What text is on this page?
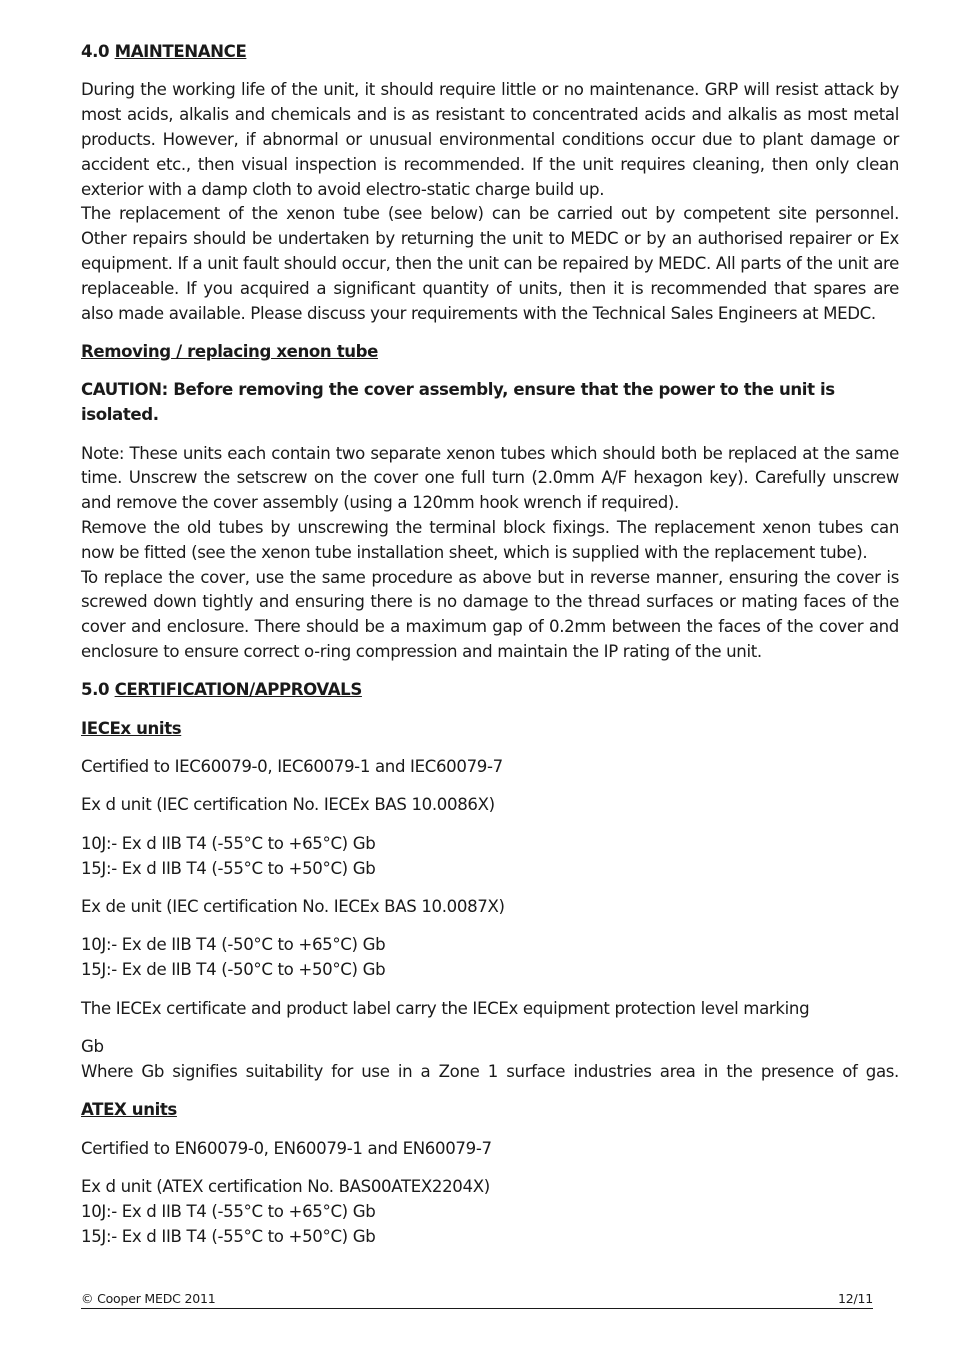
4.0 MAINTENANCE

During the working life of the unit, it should require little or no maintenance. GRP will resist attack by most acids, alkalis and chemicals and is as resistant to concentrated acids and alkalis as most metal products. However, if abnormal or unusual environmental conditions occur due to plant damage or accident etc., then visual inspection is recommended. If the unit requires cleaning, then only clean exterior with a damp cloth to avoid electro-static charge build up.

The replacement of the xenon tube (see below) can be carried out by competent site personnel. Other repairs should be undertaken by returning the unit to MEDC or by an authorised repairer or Ex equipment. If a unit fault should occur, then the unit can be repaired by MEDC. All parts of the unit are replaceable. If you acquired a significant quantity of units, then it is recommended that spares are also made available. Please discuss your requirements with the Technical Sales Engineers at MEDC.

Removing / replacing xenon tube

CAUTION: Before removing the cover assembly, ensure that the power to the unit is isolated.

Note: These units each contain two separate xenon tubes which should both be replaced at the same time. Unscrew the setscrew on the cover one full turn (2.0mm A/F hexagon key). Carefully unscrew and remove the cover assembly (using a 120mm hook wrench if required).

Remove the old tubes by unscrewing the terminal block fixings. The replacement xenon tubes can now be fitted (see the xenon tube installation sheet, which is supplied with the replacement tube).

To replace the cover, use the same procedure as above but in reverse manner, ensuring the cover is screwed down tightly and ensuring there is no damage to the thread surfaces or mating faces of the cover and enclosure. There should be a maximum gap of 0.2mm between the faces of the cover and enclosure to ensure correct o-ring compression and maintain the IP rating of the unit.

5.0 CERTIFICATION/APPROVALS

IECEx units

Certified to IEC60079-0, IEC60079-1 and IEC60079-7

Ex d unit (IEC certification No. IECEx BAS 10.0086X)

10J:- Ex d IIB T4 (-55°C to +65°C) Gb

15J:- Ex d IIB T4 (-55°C to +50°C) Gb

Ex de unit (IEC certification No. IECEx BAS 10.0087X)

10J:- Ex de IIB T4 (-50°C to +65°C) Gb

15J:- Ex de IIB T4 (-50°C to +50°C) Gb

The IECEx certificate and product label carry the IECEx equipment protection level marking

Gb

Where Gb signifies suitability for use in a Zone 1 surface industries area in the presence of gas.

ATEX units

Certified to EN60079-0, EN60079-1 and EN60079-7

Ex d unit (ATEX certification No. BAS00ATEX2204X)

10J:- Ex d IIB T4 (-55°C to +65°C) Gb

15J:- Ex d IIB T4 (-55°C to +50°C) Gb

© Cooper MEDC 2011	12/11
